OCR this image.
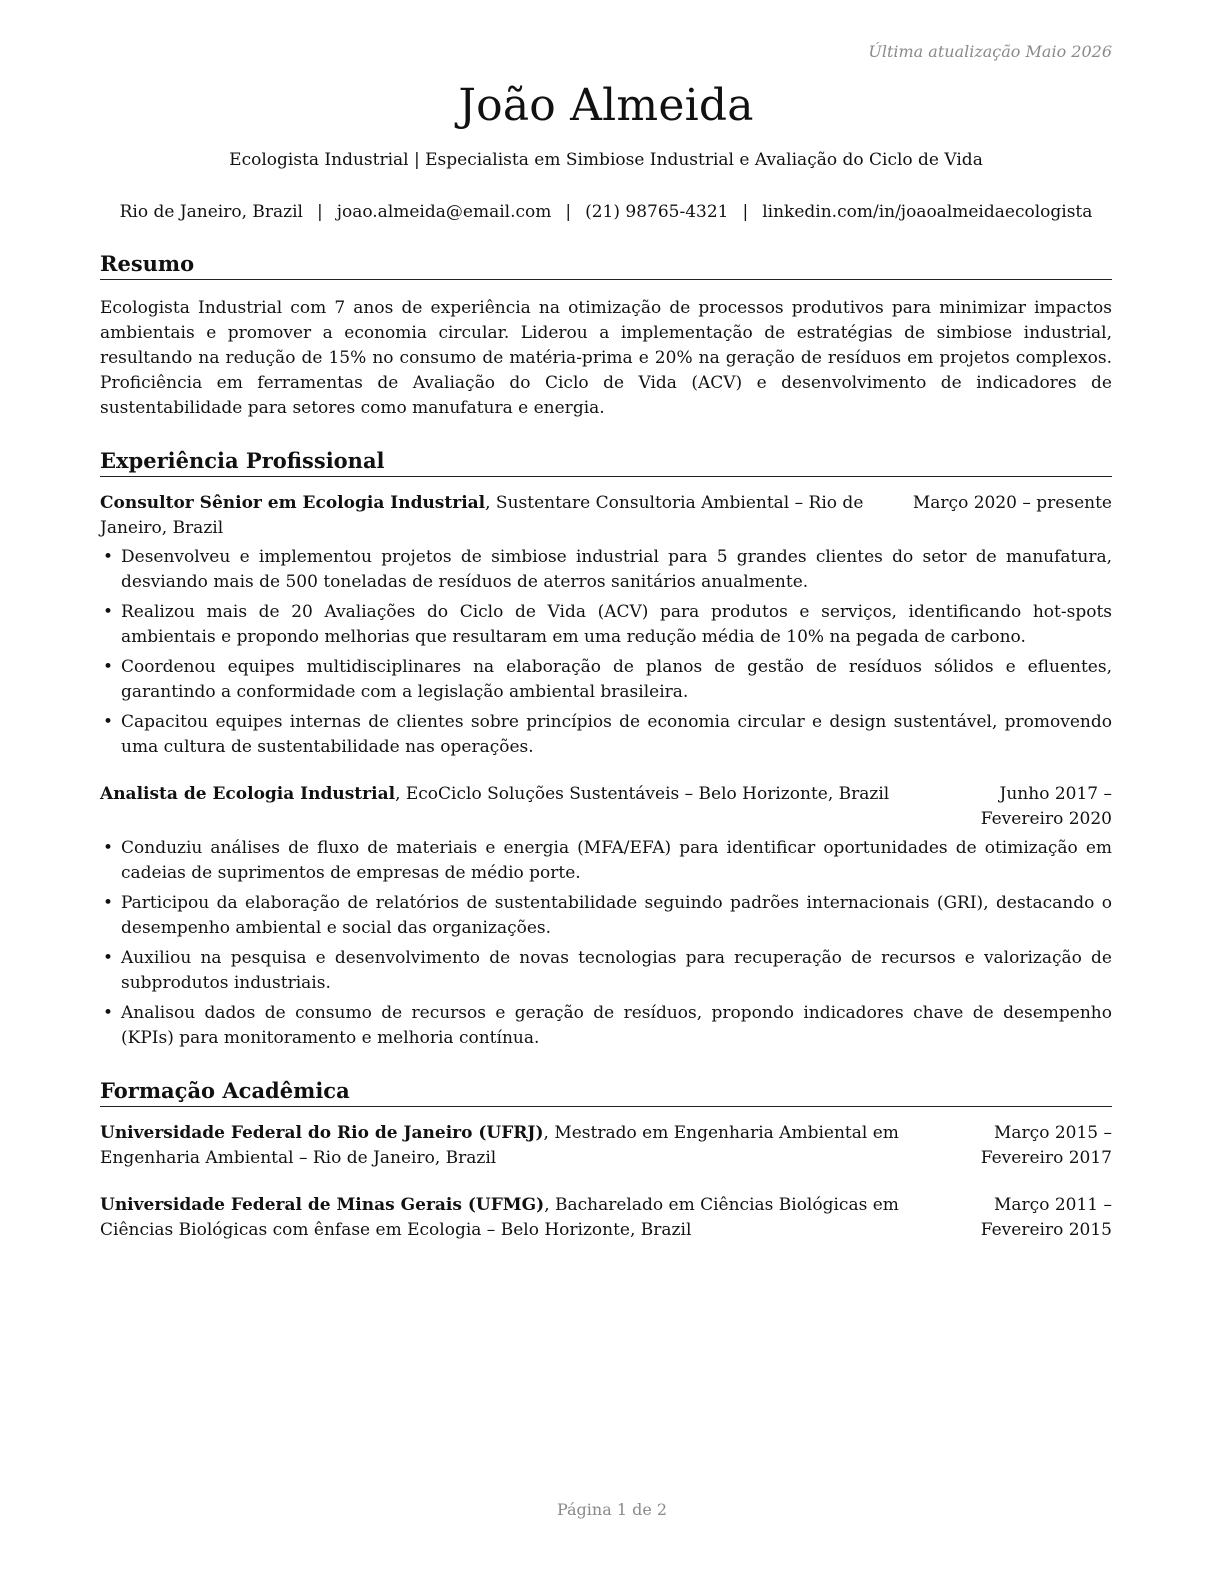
Última atualização Maio 2026
João Almeida
Ecologista Industrial | Especialista em Simbiose Industrial e Avaliação do Ciclo de Vida
Rio de Janeiro, Brazil | joao.almeida@email.com | (21) 98765-4321 | linkedin.com/in/joaoalmeidaecologista
Resumo
Ecologista Industrial com 7 anos de experiência na otimização de processos produtivos para minimizar impactos ambientais e promover a economia circular. Liderou a implementação de estratégias de simbiose industrial, resultando na redução de 15% no consumo de matéria-prima e 20% na geração de resíduos em projetos complexos. Proficiência em ferramentas de Avaliação do Ciclo de Vida (ACV) e desenvolvimento de indicadores de sustentabilidade para setores como manufatura e energia.
Experiência Profissional
Consultor Sênior em Ecologia Industrial, Sustentare Consultoria Ambiental – Rio de Janeiro, Brazil
Março 2020 – presente
• Desenvolveu e implementou projetos de simbiose industrial para 5 grandes clientes do setor de manufatura, desviando mais de 500 toneladas de resíduos de aterros sanitários anualmente.
• Realizou mais de 20 Avaliações do Ciclo de Vida (ACV) para produtos e serviços, identificando hot-spots ambientais e propondo melhorias que resultaram em uma redução média de 10% na pegada de carbono.
• Coordenou equipes multidisciplinares na elaboração de planos de gestão de resíduos sólidos e efluentes, garantindo a conformidade com a legislação ambiental brasileira.
• Capacitou equipes internas de clientes sobre princípios de economia circular e design sustentável, promovendo uma cultura de sustentabilidade nas operações.
Analista de Ecologia Industrial, EcoCiclo Soluções Sustentáveis – Belo Horizonte, Brazil	Junho 2017 – Fevereiro 2020
• Conduziu análises de fluxo de materiais e energia (MFA/EFA) para identificar oportunidades de otimização em cadeias de suprimentos de empresas de médio porte.
• Participou da elaboração de relatórios de sustentabilidade seguindo padrões internacionais (GRI), destacando o desempenho ambiental e social das organizações.
• Auxiliou na pesquisa e desenvolvimento de novas tecnologias para recuperação de recursos e valorização de subprodutos industriais.
• Analisou dados de consumo de recursos e geração de resíduos, propondo indicadores chave de desempenho (KPIs) para monitoramento e melhoria contínua.
Formação Acadêmica
Universidade Federal do Rio de Janeiro (UFRJ), Mestrado em Engenharia Ambiental em Engenharia Ambiental – Rio de Janeiro, Brazil
Março 2015 – Fevereiro 2017
Universidade Federal de Minas Gerais (UFMG), Bacharelado em Ciências Biológicas em Ciências Biológicas com ênfase em Ecologia – Belo Horizonte, Brazil
Março 2011 – Fevereiro 2015
Página 1 de 2
